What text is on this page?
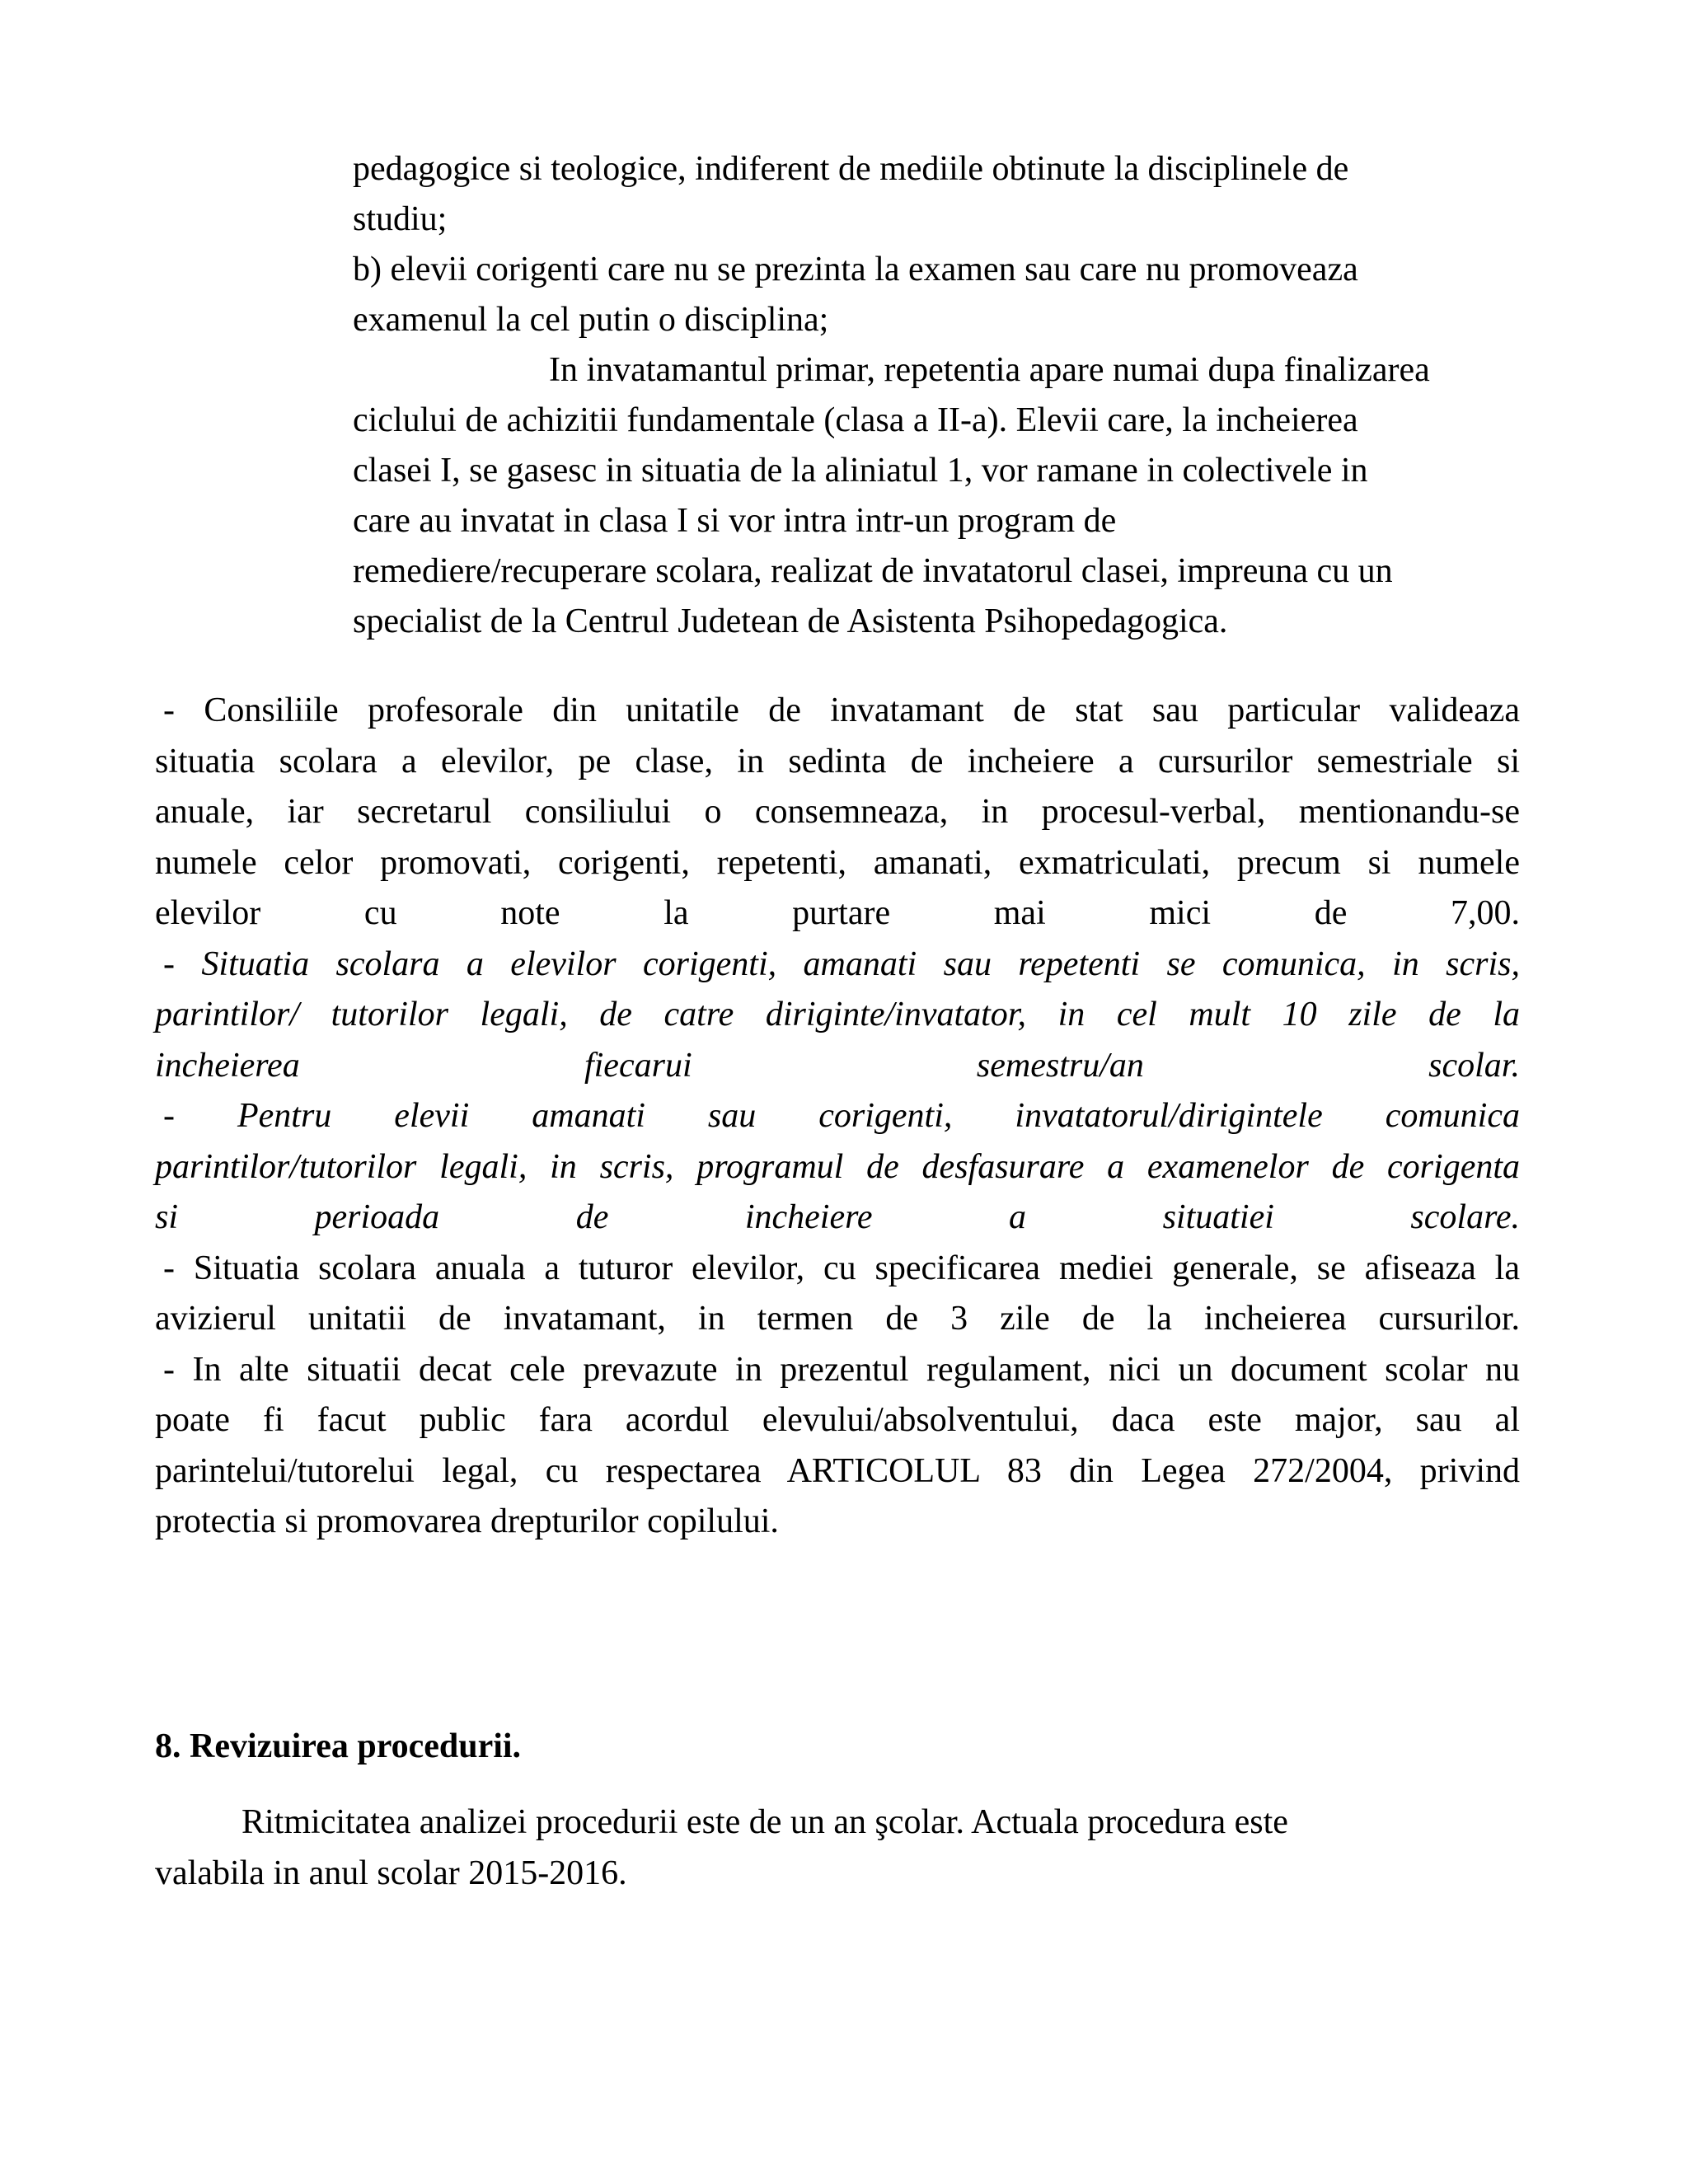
pedagogice si teologice, indiferent de mediile obtinute la disciplinele de
studiu;
b) elevii corigenti care nu se prezinta la examen sau care nu promoveaza
examenul la cel putin o disciplina;
In invatamantul primar, repetentia apare numai dupa finalizarea
ciclului de achizitii fundamentale (clasa a II-a). Elevii care, la incheierea
clasei I, se gasesc in situatia de la aliniatul 1, vor ramane in colectivele in
care au invatat in clasa I si vor intra intr-un program de
remediere/recuperare scolara, realizat de invatatorul clasei, impreuna cu un
specialist de la Centrul Judetean de Asistenta Psihopedagogica.
- Consiliile profesorale din unitatile de invatamant de stat sau particular valideaza
situatia scolara a elevilor, pe clase, in sedinta de incheiere a cursurilor semestriale si
anuale, iar secretarul consiliului o consemneaza, in procesul-verbal, mentionandu-se
numele celor promovati, corigenti, repetenti, amanati, exmatriculati, precum si numele
elevilor cu note la purtare mai mici de 7,00.
- Situatia scolara a elevilor corigenti, amanati sau repetenti se comunica, in scris,
parintilor/ tutorilor legali, de catre diriginte/invatator, in cel mult 10 zile de la
incheierea fiecarui semestru/an scolar.
- Pentru elevii amanati sau corigenti, invatatorul/dirigintele comunica
parintilor/tutorilor legali, in scris, programul de desfasurare a examenelor de corigenta
si perioada de incheiere a situatiei scolare.
- Situatia scolara anuala a tuturor elevilor, cu specificarea mediei generale, se afiseaza la
avizierul unitatii de invatamant, in termen de 3 zile de la incheierea cursurilor.
- In alte situatii decat cele prevazute in prezentul regulament, nici un document scolar nu
poate fi facut public fara acordul elevului/absolventului, daca este major, sau al
parintelui/tutorelui legal, cu respectarea ARTICOLUL 83 din Legea 272/2004, privind
protectia si promovarea drepturilor copilului.
8. Revizuirea procedurii.
Ritmicitatea analizei procedurii este de un an şcolar. Actuala procedura este
valabila in anul scolar 2015-2016.
